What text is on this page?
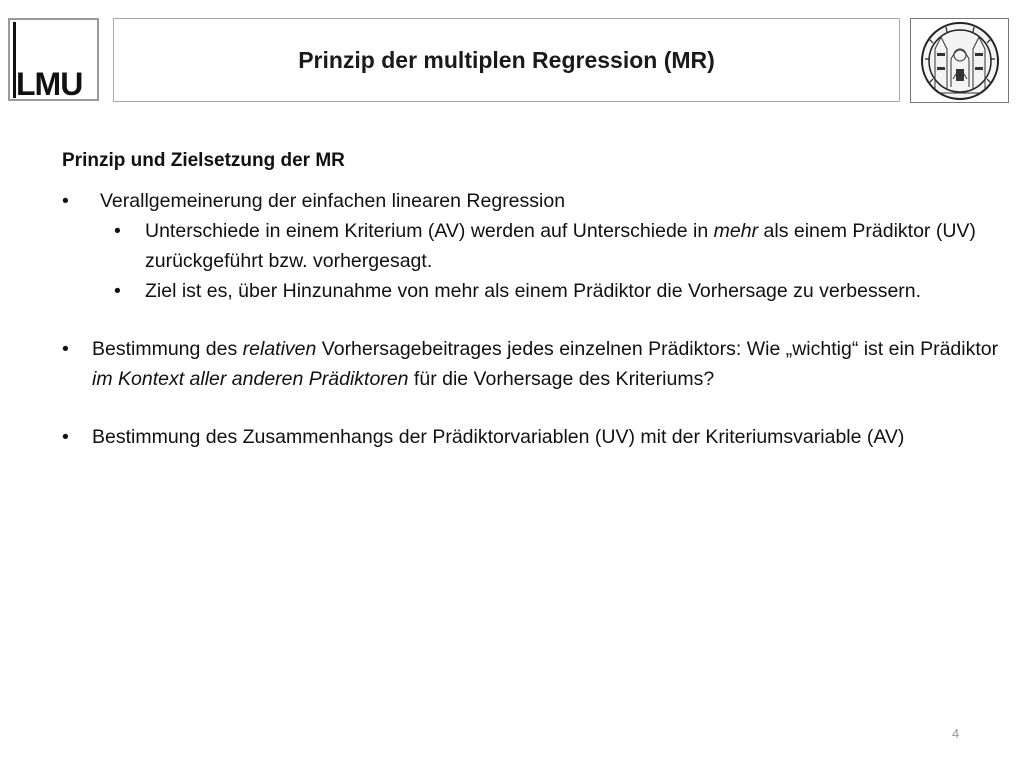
LMU
Prinzip der multiplen Regression (MR)
Prinzip und Zielsetzung der MR
• Verallgemeinerung der einfachen linearen Regression
• Unterschiede in einem Kriterium (AV) werden auf Unterschiede in mehr als einem Prädiktor (UV) zurückgeführt bzw. vorhergesagt.
• Ziel ist es, über Hinzunahme von mehr als einem Prädiktor die Vorhersage zu verbessern.
• Bestimmung des relativen Vorhersagebeitrages jedes einzelnen Prädiktors: Wie „wichtig“ ist ein Prädiktor im Kontext aller anderen Prädiktoren für die Vorhersage des Kriteriums?
• Bestimmung des Zusammenhangs der Prädiktorvariablen (UV) mit der Kriteriumsvariable (AV)
4
